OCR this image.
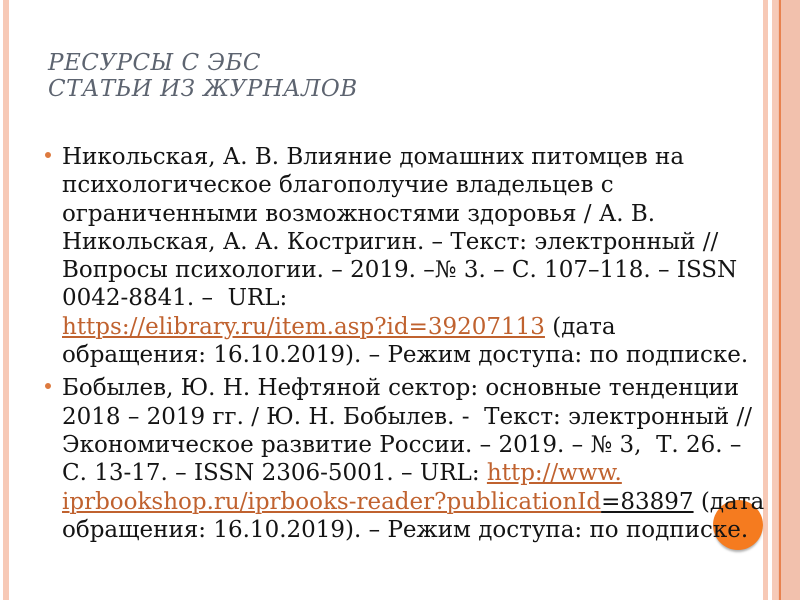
РЕСУРСЫ С ЭБС
СТАТЬИ ИЗ ЖУРНАЛОВ
Никольская, А. В. Влияние домашних питомцев на
психологическое благополучие владельцев с
ограниченными возможностями здоровья / А. В.
Никольская, А. А. Костригин. – Текст: электронный //
Вопросы психологии. – 2019. –№ 3. – С. 107–118. – ISSN
0042-8841. –  URL:
https://elibrary.ru/item.asp?id=39207113 (дата
обращения: 16.10.2019). – Режим доступа: по подписке.
Бобылев, Ю. Н. Нефтяной сектор: основные тенденции
2018 – 2019 гг. / Ю. Н. Бобылев. -  Текст: электронный //
Экономическое развитие России. – 2019. – № 3,  Т. 26. –
С. 13-17. – ISSN 2306-5001. – URL: http://www.
iprbookshop.ru/iprbooks-reader?publicationId=83897 (дата
обращения: 16.10.2019). – Режим доступа: по подписке.
